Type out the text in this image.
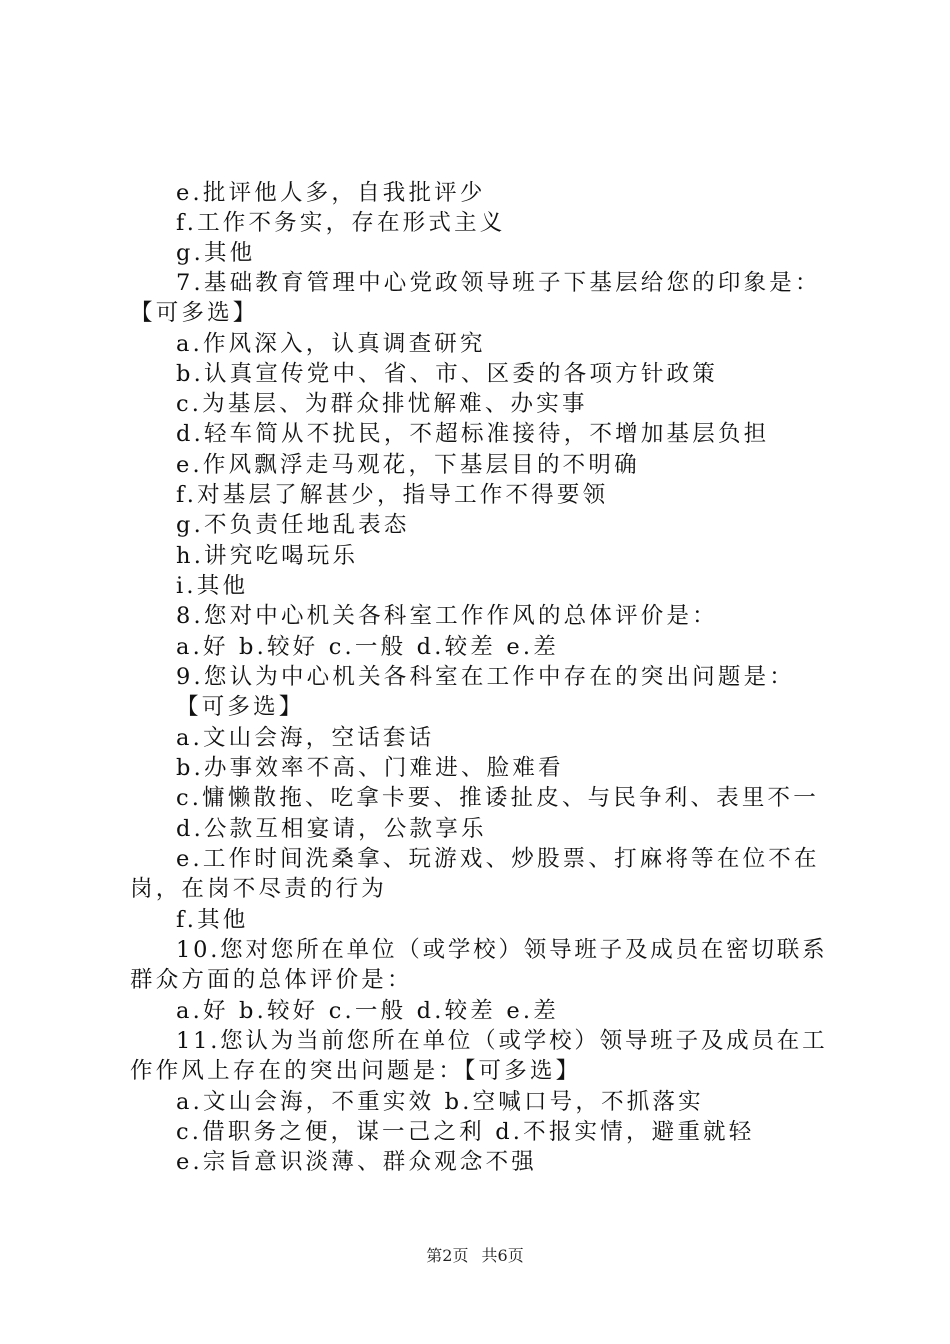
e.批评他人多，自我批评少
f.工作不务实，存在形式主义
g.其他
7.基础教育管理中心党政领导班子下基层给您的印象是：
【可多选】
a.作风深入，认真调查研究
b.认真宣传党中、省、市、区委的各项方针政策
c.为基层、为群众排忧解难、办实事
d.轻车简从不扰民，不超标准接待，不增加基层负担
e.作风飘浮走马观花，下基层目的不明确
f.对基层了解甚少，指导工作不得要领
g.不负责任地乱表态
h.讲究吃喝玩乐
i.其他
8.您对中心机关各科室工作作风的总体评价是：
a.好 b.较好 c.一般 d.较差 e.差
9.您认为中心机关各科室在工作中存在的突出问题是：
【可多选】
a.文山会海，空话套话
b.办事效率不高、门难进、脸难看
c.慵懒散拖、吃拿卡要、推诿扯皮、与民争利、表里不一
d.公款互相宴请，公款享乐
e.工作时间洗桑拿、玩游戏、炒股票、打麻将等在位不在
岗，在岗不尽责的行为
f.其他
10.您对您所在单位（或学校）领导班子及成员在密切联系
群众方面的总体评价是：
a.好 b.较好 c.一般 d.较差 e.差
11.您认为当前您所在单位（或学校）领导班子及成员在工
作作风上存在的突出问题是：【可多选】
a.文山会海，不重实效 b.空喊口号，不抓落实
c.借职务之便，谋一己之利 d.不报实情，避重就轻
e.宗旨意识淡薄、群众观念不强
第2页 共6页
